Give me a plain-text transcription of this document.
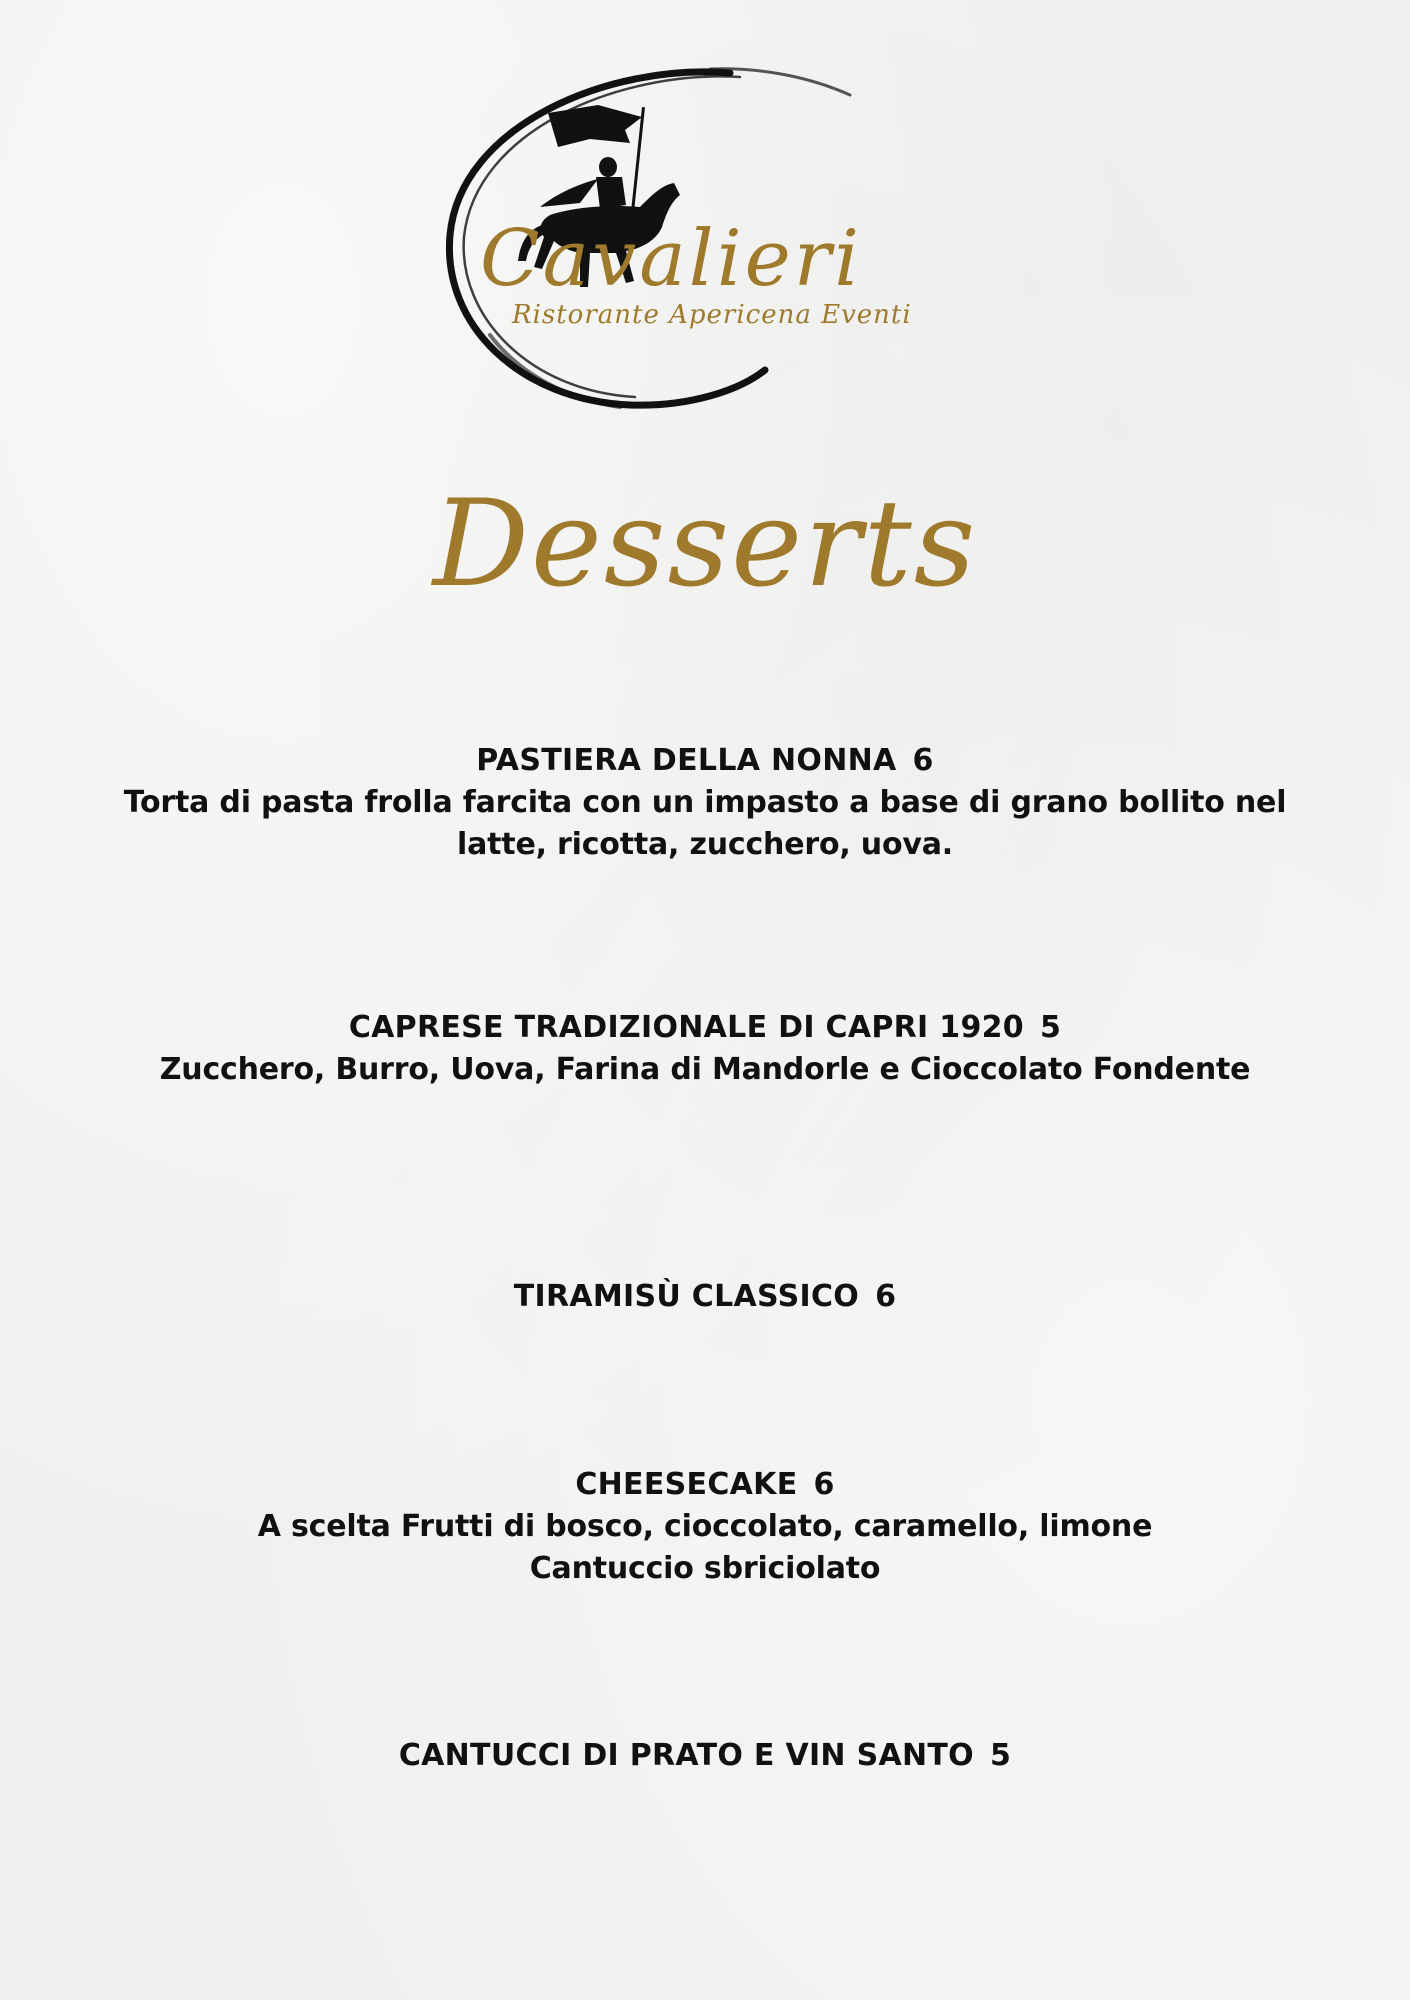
Cavalieri
Ristorante Apericena Eventi
Desserts
PASTIERA DELLA NONNA 6
Torta di pasta frolla farcita con un impasto a base di grano bollito nel latte, ricotta, zucchero, uova.
CAPRESE TRADIZIONALE DI CAPRI 1920 5
Zucchero, Burro, Uova, Farina di Mandorle e Cioccolato Fondente
TIRAMISÙ CLASSICO 6
CHEESECAKE 6
A scelta Frutti di bosco, cioccolato, caramello, limone
Cantuccio sbriciolato
CANTUCCI DI PRATO E VIN SANTO 5
